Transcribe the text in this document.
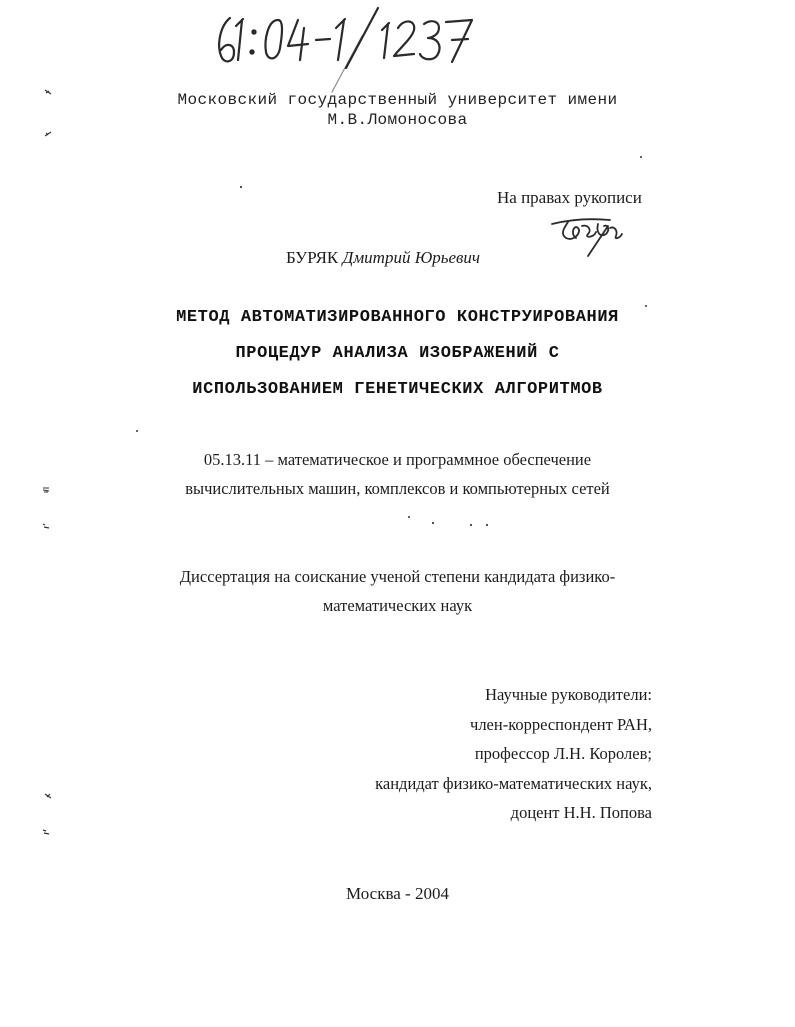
Московский государственный университет имени
М.В.Ломоносова
На правах рукописи
БУРЯК Дмитрий Юрьевич
МЕТОД АВТОМАТИЗИРОВАННОГО КОНСТРУИРОВАНИЯ
ПРОЦЕДУР АНАЛИЗА ИЗОБРАЖЕНИЙ С
ИСПОЛЬЗОВАНИЕМ ГЕНЕТИЧЕСКИХ АЛГОРИТМОВ
05.13.11 – математическое и программное обеспечение
вычислительных машин, комплексов и компьютерных сетей
Диссертация на соискание ученой степени кандидата физико-
математических наук
Научные руководители:
член-корреспондент РАН,
профессор Л.Н. Королев;
кандидат физико-математических наук,
доцент Н.Н. Попова
Москва - 2004
